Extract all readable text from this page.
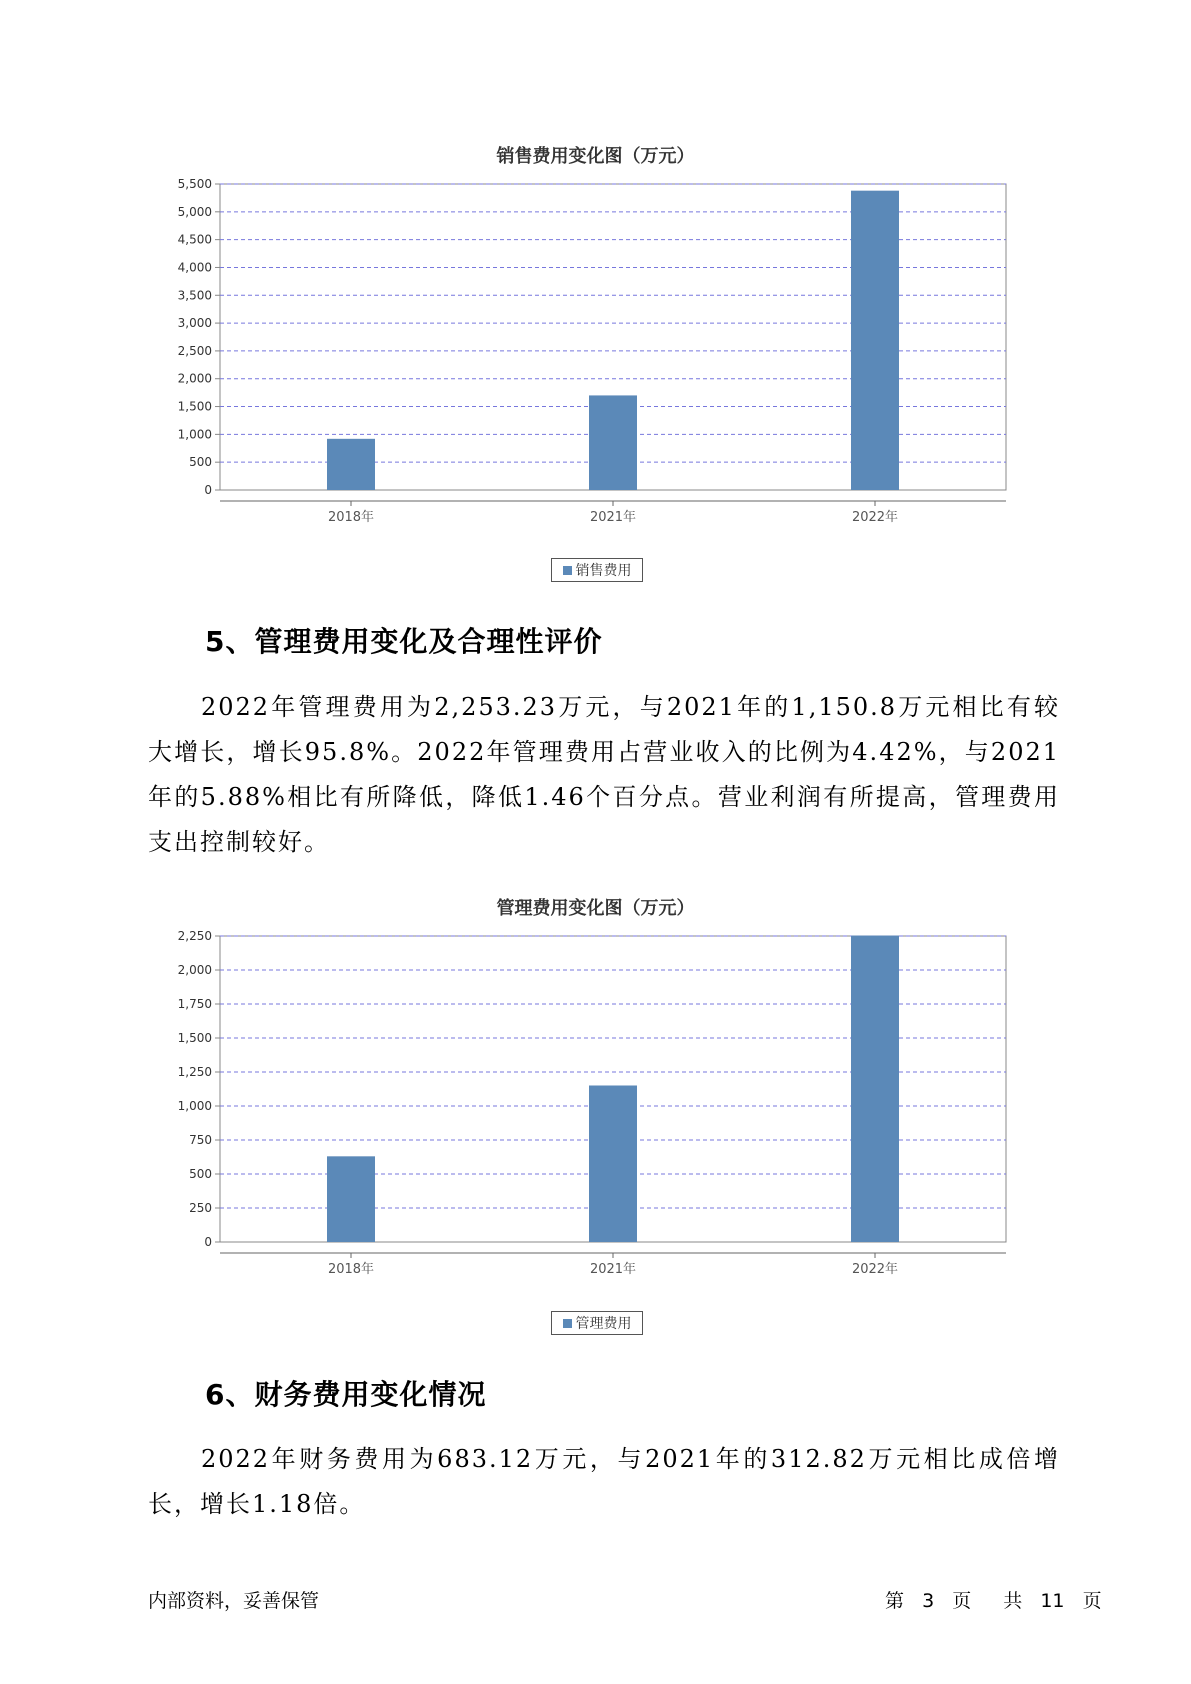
销售费用变化图（万元）
0
500
1,000
1,500
2,000
2,500
3,000
3,500
4,000
4,500
5,000
5,500
2018年	2021年	2022年
销售费用
5、管理费用变化及合理性评价
2022年管理费用为2,253.23万元，与2021年的1,150.8万元相比有较大增长，增长95.8%。2022年管理费用占营业收入的比例为4.42%，与2021年的5.88%相比有所降低，降低1.46个百分点。营业利润有所提高，管理费用支出控制较好。
管理费用变化图（万元）
0
250
500
750
1,000
1,250
1,500
1,750
2,000
2,250
2018年	2021年	2022年
管理费用
6、财务费用变化情况
2022年财务费用为683.12万元，与2021年的312.82万元相比成倍增长，增长1.18倍。
内部资料，妥善保管	第 3 页 共 11 页
